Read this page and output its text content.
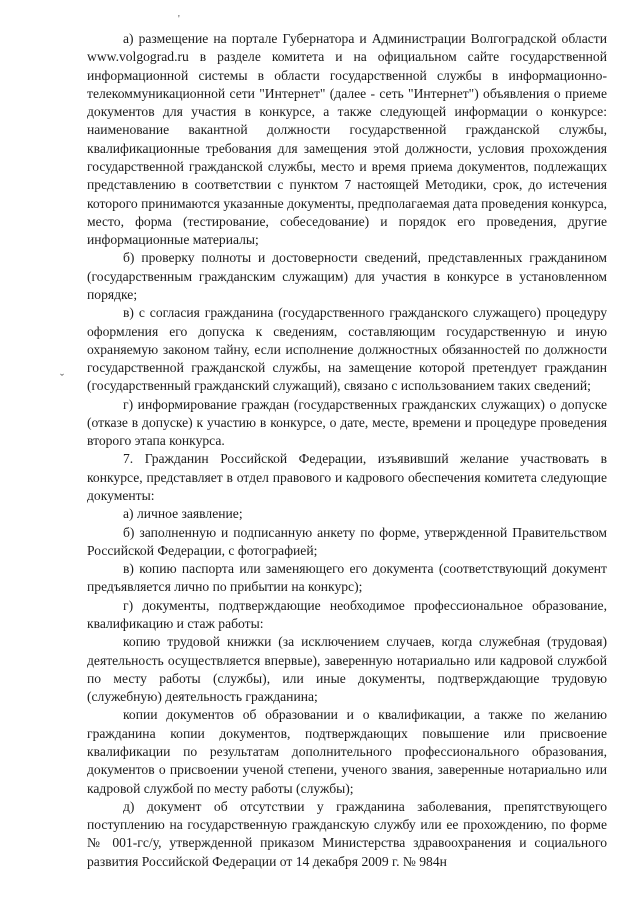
'
ˇ

а) размещение на портале Губернатора и Администрации Волгоградской области www.volgograd.ru в разделе комитета и на официальном сайте государственной информационной системы в области государственной службы в информационно-телекоммуникационной сети "Интернет" (далее - сеть "Интернет") объявления о приеме документов для участия в конкурсе, а также следующей информации о конкурсе: наименование вакантной должности государственной гражданской службы, квалификационные требования для замещения этой должности, условия прохождения государственной гражданской службы, место и время приема документов, подлежащих представлению в соответствии с пунктом 7 настоящей Методики, срок, до истечения которого принимаются указанные документы, предполагаемая дата проведения конкурса, место, форма (тестирование, собеседование) и порядок его проведения, другие информационные материалы;

б) проверку полноты и достоверности сведений, представленных гражданином (государственным гражданским служащим) для участия в конкурсе в установленном порядке;

в) с согласия гражданина (государственного гражданского служащего) процедуру оформления его допуска к сведениям, составляющим государственную и иную охраняемую законом тайну, если исполнение должностных обязанностей по должности государственной гражданской службы, на замещение которой претендует гражданин (государственный гражданский служащий), связано с использованием таких сведений;

г) информирование граждан (государственных гражданских служащих) о допуске (отказе в допуске) к участию в конкурсе, о дате, месте, времени и процедуре проведения второго этапа конкурса.

7. Гражданин Российской Федерации, изъявивший желание участвовать в конкурсе, представляет в отдел правового и кадрового обеспечения комитета следующие документы:

а) личное заявление;

б) заполненную и подписанную анкету по форме, утвержденной Правительством Российской Федерации, с фотографией;

в) копию паспорта или заменяющего его документа (соответствующий документ предъявляется лично по прибытии на конкурс);

г) документы, подтверждающие необходимое профессиональное образование, квалификацию и стаж работы:

копию трудовой книжки (за исключением случаев, когда служебная (трудовая) деятельность осуществляется впервые), заверенную нотариально или кадровой службой по месту работы (службы), или иные документы, подтверждающие трудовую (служебную) деятельность гражданина;

копии документов об образовании и о квалификации, а также по желанию гражданина копии документов, подтверждающих повышение или присвоение квалификации по результатам дополнительного профессионального образования, документов о присвоении ученой степени, ученого звания, заверенные нотариально или кадровой службой по месту работы (службы);

д) документ об отсутствии у гражданина заболевания, препятствующего поступлению на государственную гражданскую службу или ее прохождению, по форме № 001-гс/у, утвержденной приказом Министерства здравоохранения и социального развития Российской Федерации от 14 декабря 2009 г. № 984н
